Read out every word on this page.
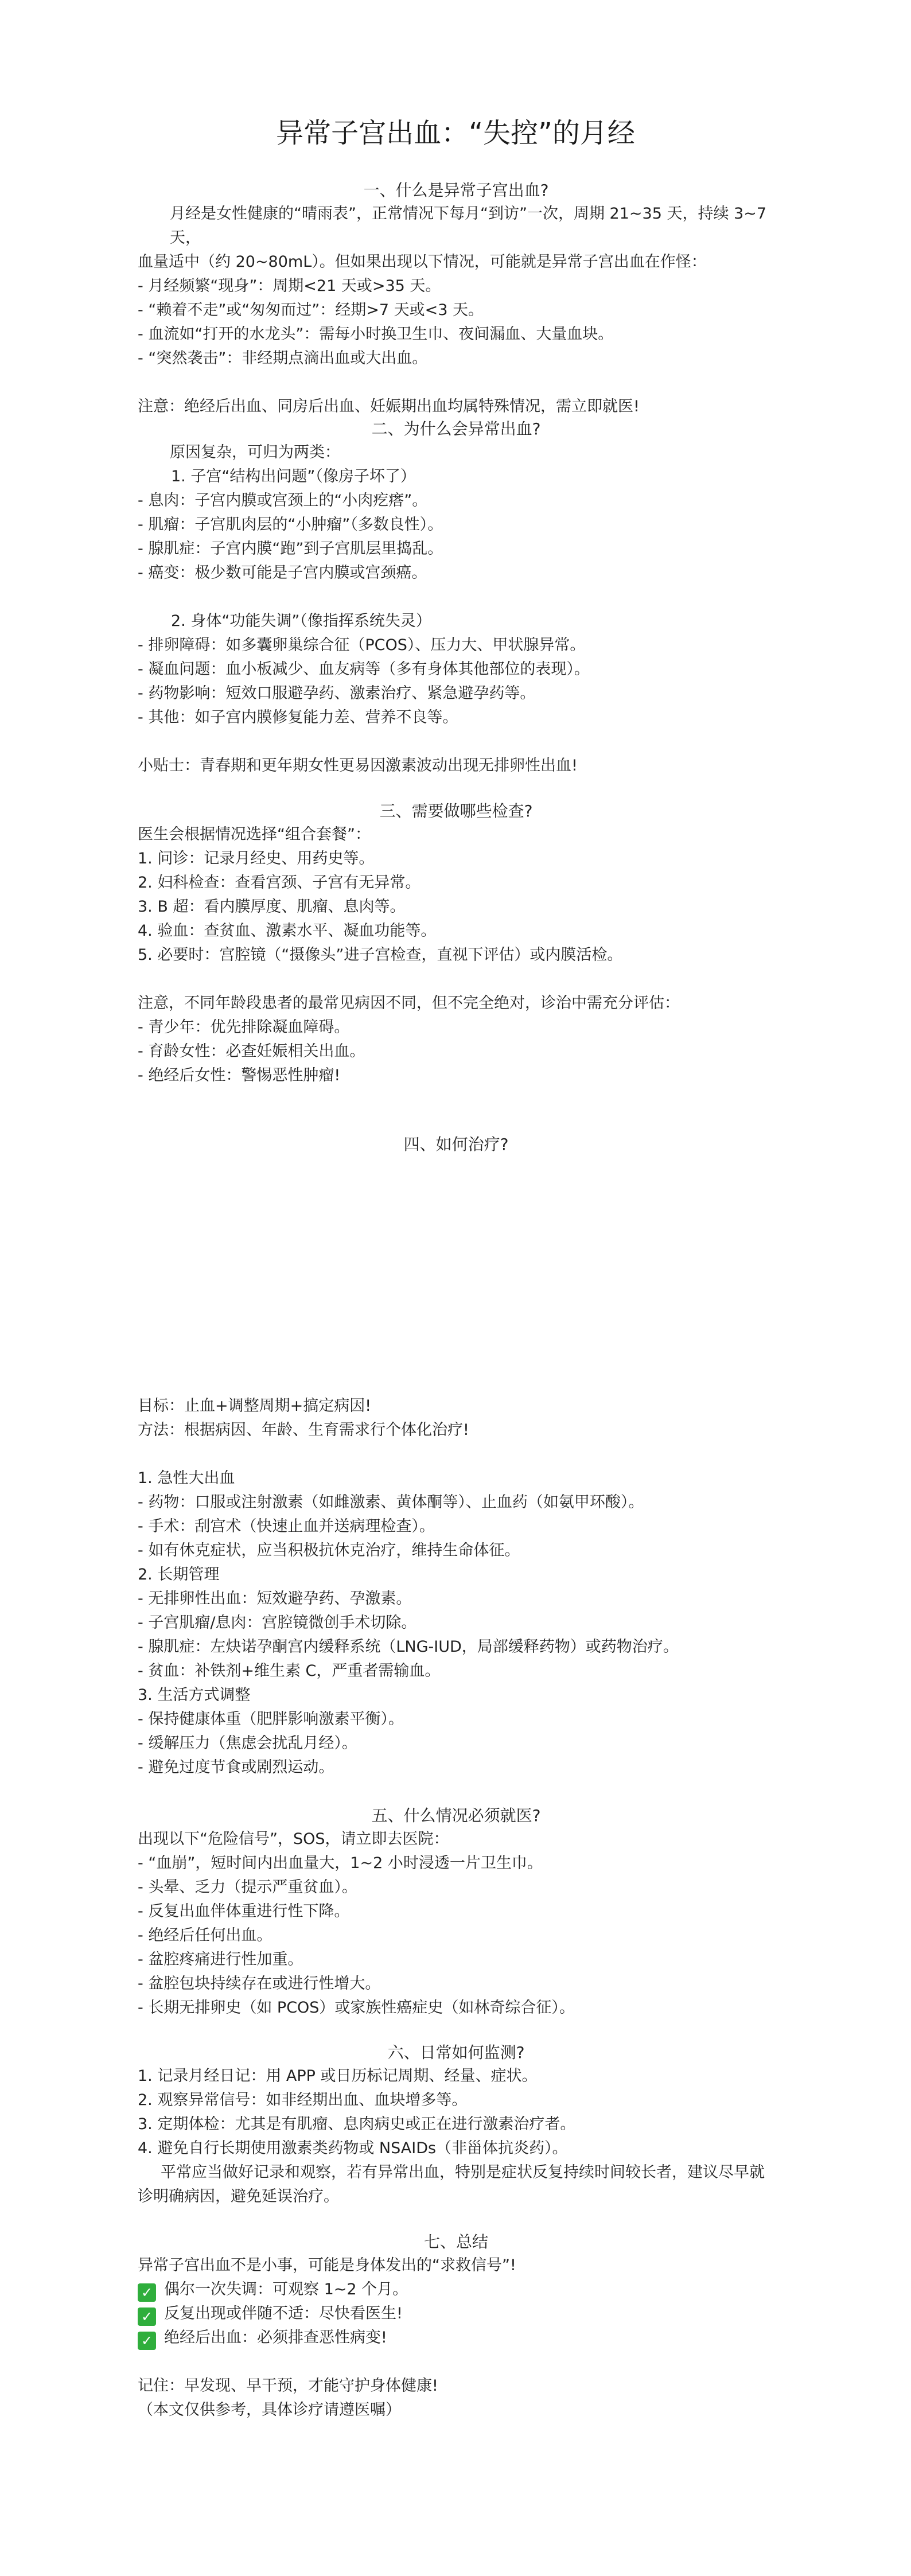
异常子宫出血：“失控”的月经
一、什么是异常子宫出血?

月经是女性健康的“晴雨表”，正常情况下每月“到访”一次，周期 21~35 天，持续 3~7 天，

血量适中（约 20~80mL）。但如果出现以下情况，可能就是异常子宫出血在作怪：

- 月经频繁“现身”：周期<21 天或>35 天。

- “赖着不走”或“匆匆而过”：经期>7 天或<3 天。

- 血流如“打开的水龙头”：需每小时换卫生巾、夜间漏血、大量血块。

- “突然袭击”：非经期点滴出血或大出血。

注意：绝经后出血、同房后出血、妊娠期出血均属特殊情况，需立即就医!

二、为什么会异常出血?

原因复杂，可归为两类：

1. 子宫“结构出问题”（像房子坏了）

- 息肉：子宫内膜或宫颈上的“小肉疙瘩”。

- 肌瘤：子宫肌肉层的“小肿瘤”（多数良性）。

- 腺肌症：子宫内膜“跑”到子宫肌层里捣乱。

- 癌变：极少数可能是子宫内膜或宫颈癌。

2. 身体“功能失调”（像指挥系统失灵）

- 排卵障碍：如多囊卵巢综合征（PCOS）、压力大、甲状腺异常。

- 凝血问题：血小板减少、血友病等（多有身体其他部位的表现）。

- 药物影响：短效口服避孕药、激素治疗、紧急避孕药等。

- 其他：如子宫内膜修复能力差、营养不良等。

小贴士：青春期和更年期女性更易因激素波动出现无排卵性出血!

三、需要做哪些检查?

医生会根据情况选择“组合套餐”：

1. 问诊：记录月经史、用药史等。

2. 妇科检查：查看宫颈、子宫有无异常。

3. B 超：看内膜厚度、肌瘤、息肉等。

4. 验血：查贫血、激素水平、凝血功能等。

5. 必要时：宫腔镜（“摄像头”进子宫检查，直视下评估）或内膜活检。

注意，不同年龄段患者的最常见病因不同，但不完全绝对，诊治中需充分评估：

- 青少年：优先排除凝血障碍。

- 育龄女性：必查妊娠相关出血。

- 绝经后女性：警惕恶性肿瘤!

四、如何治疗?

目标：止血+调整周期+搞定病因!

方法：根据病因、年龄、生育需求行个体化治疗!

1. 急性大出血

- 药物：口服或注射激素（如雌激素、黄体酮等）、止血药（如氨甲环酸）。

- 手术：刮宫术（快速止血并送病理检查）。

- 如有休克症状，应当积极抗休克治疗，维持生命体征。

2. 长期管理

- 无排卵性出血：短效避孕药、孕激素。

- 子宫肌瘤/息肉：宫腔镜微创手术切除。

- 腺肌症：左炔诺孕酮宫内缓释系统（LNG-IUD，局部缓释药物）或药物治疗。

- 贫血：补铁剂+维生素 C，严重者需输血。

3. 生活方式调整

- 保持健康体重（肥胖影响激素平衡）。

- 缓解压力（焦虑会扰乱月经）。

- 避免过度节食或剧烈运动。

五、什么情况必须就医?

出现以下“危险信号”，SOS，请立即去医院：

- “血崩”，短时间内出血量大，1~2 小时浸透一片卫生巾。

- 头晕、乏力（提示严重贫血）。

- 反复出血伴体重进行性下降。

- 绝经后任何出血。

- 盆腔疼痛进行性加重。

- 盆腔包块持续存在或进行性增大。

- 长期无排卵史（如 PCOS）或家族性癌症史（如林奇综合征）。

六、日常如何监测?

1. 记录月经日记：用 APP 或日历标记周期、经量、症状。

2. 观察异常信号：如非经期出血、血块增多等。

3. 定期体检：尤其是有肌瘤、息肉病史或正在进行激素治疗者。

4. 避免自行长期使用激素类药物或 NSAIDs（非甾体抗炎药）。

平常应当做好记录和观察，若有异常出血，特别是症状反复持续时间较长者，建议尽早就

诊明确病因，避免延误治疗。

七、总结

异常子宫出血不是小事，可能是身体发出的“求救信号”!

✓ 偶尔一次失调：可观察 1~2 个月。

✓ 反复出现或伴随不适：尽快看医生!

✓ 绝经后出血：必须排查恶性病变!

记住：早发现、早干预，才能守护身体健康!

（本文仅供参考，具体诊疗请遵医嘱）
